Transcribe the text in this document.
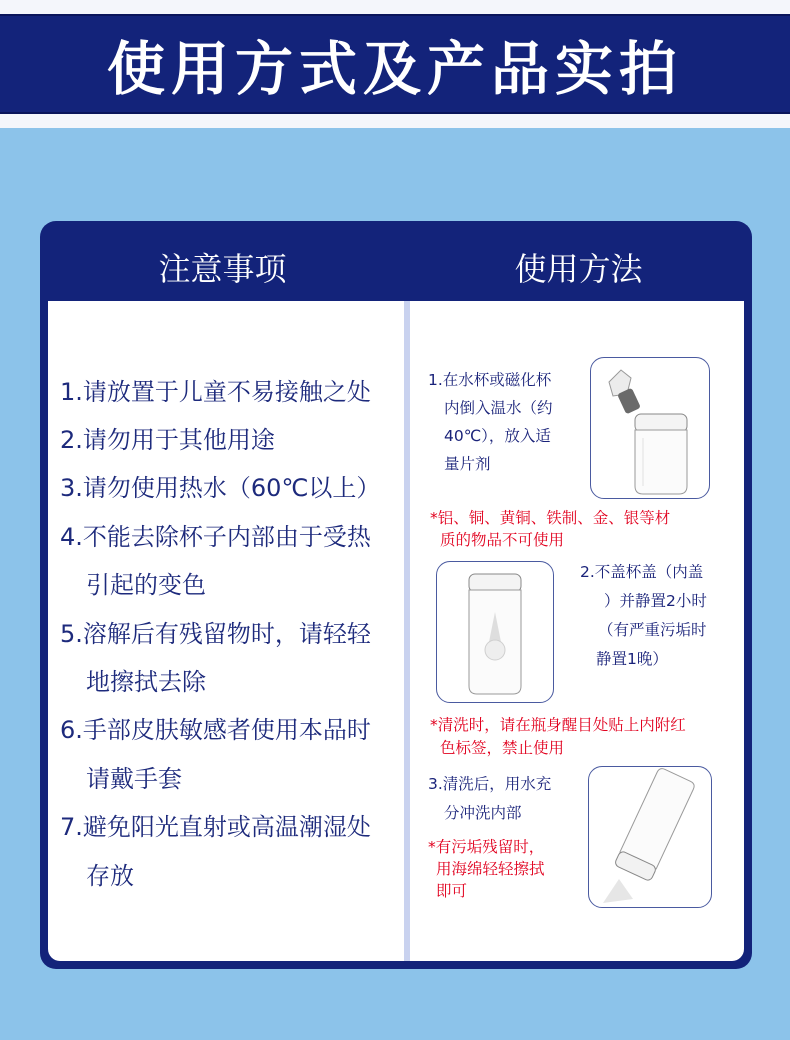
使用方式及产品实拍
注意事项	使用方法
1.请放置于儿童不易接触之处
2.请勿用于其他用途
3.请勿使用热水（60℃以上）
4.不能去除杯子内部由于受热
引起的变色
5.溶解后有残留物时，请轻轻
地擦拭去除
6.手部皮肤敏感者使用本品时
请戴手套
7.避免阳光直射或高温潮湿处
存放
1.在水杯或磁化杯
内倒入温水（约
40℃），放入适
量片剂
*铝、铜、黄铜、铁制、金、银等材
质的物品不可使用
2.不盖杯盖（内盖
）并静置2小时
（有严重污垢时
静置1晚）
*清洗时，请在瓶身醒目处贴上内附红
色标签，禁止使用
3.清洗后，用水充
分冲洗内部
*有污垢残留时，
用海绵轻轻擦拭
即可
